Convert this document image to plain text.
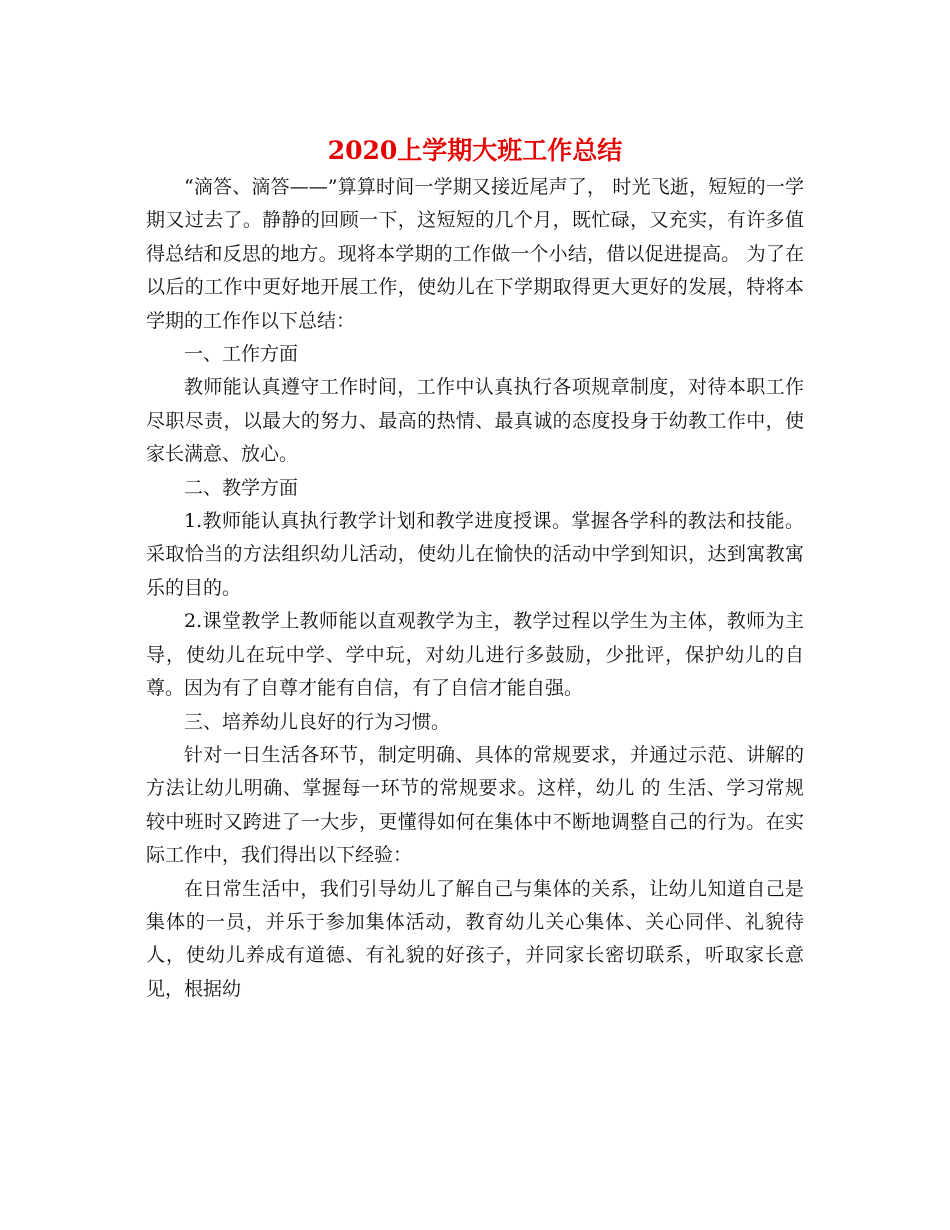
2020上学期大班工作总结

“滴答、滴答——”算算时间一学期又接近尾声了， 时光飞逝，短短的一学期又过去了。静静的回顾一下，这短短的几个月，既忙碌，又充实，有许多值得总结和反思的地方。现将本学期的工作做一个小结，借以促进提高。 为了在以后的工作中更好地开展工作，使幼儿在下学期取得更大更好的发展，特将本学期的工作作以下总结：

一、工作方面

教师能认真遵守工作时间，工作中认真执行各项规章制度，对待本职工作尽职尽责，以最大的努力、最高的热情、最真诚的态度投身于幼教工作中，使家长满意、放心。

二、教学方面

1.教师能认真执行教学计划和教学进度授课。掌握各学科的教法和技能。采取恰当的方法组织幼儿活动，使幼儿在愉快的活动中学到知识，达到寓教寓乐的目的。

2.课堂教学上教师能以直观教学为主，教学过程以学生为主体，教师为主导，使幼儿在玩中学、学中玩，对幼儿进行多鼓励，少批评，保护幼儿的自尊。因为有了自尊才能有自信，有了自信才能自强。

三、培养幼儿良好的行为习惯。

针对一日生活各环节，制定明确、具体的常规要求，并通过示范、讲解的方法让幼儿明确、掌握每一环节的常规要求。这样，幼儿 的 生活、学习常规较中班时又跨进了一大步，更懂得如何在集体中不断地调整自己的行为。在实际工作中，我们得出以下经验：

在日常生活中，我们引导幼儿了解自己与集体的关系，让幼儿知道自己是集体的一员，并乐于参加集体活动，教育幼儿关心集体、关心同伴、礼貌待人，使幼儿养成有道德、有礼貌的好孩子，并同家长密切联系，听取家长意见，根据幼
